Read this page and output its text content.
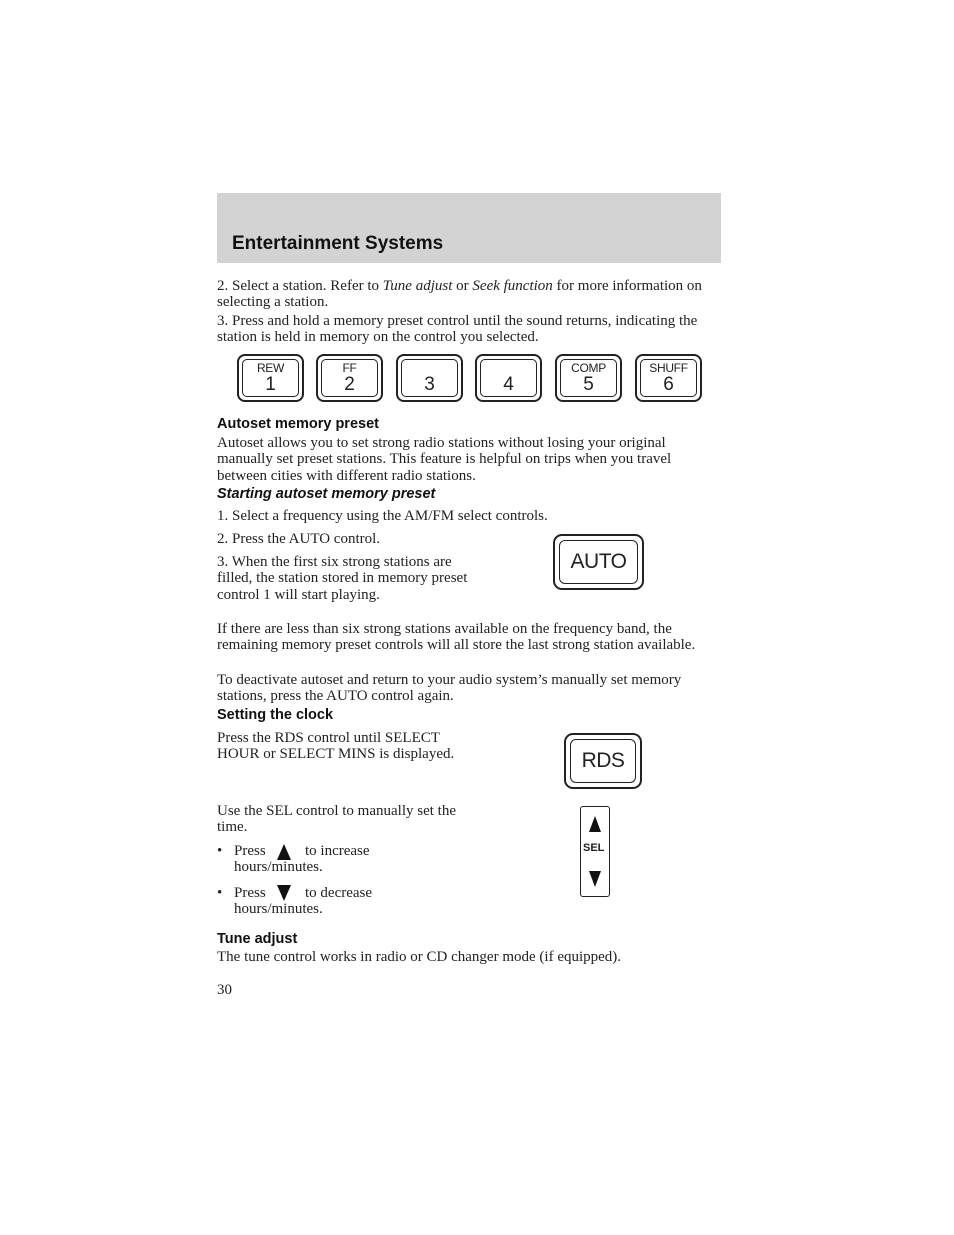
Entertainment Systems
2. Select a station. Refer to Tune adjust or Seek function for more information on selecting a station.
3. Press and hold a memory preset control until the sound returns, indicating the station is held in memory on the control you selected.
REW
1
FF
2	3	4
COMP
5
SHUFF
6
Autoset memory preset
Autoset allows you to set strong radio stations without losing your original manually set preset stations. This feature is helpful on trips when you travel between cities with different radio stations.
Starting autoset memory preset
1. Select a frequency using the AM/FM select controls.
2. Press the AUTO control.
3. When the first six strong stations are filled, the station stored in memory preset control 1 will start playing.
AUTO
If there are less than six strong stations available on the frequency band, the remaining memory preset controls will all store the last strong station available.
To deactivate autoset and return to your audio system’s manually set memory stations, press the AUTO control again.
Setting the clock
Press the RDS control until SELECT HOUR or SELECT MINS is displayed.	RDS
Use the SEL control to manually set the time.
• Press	to increase hours/minutes.
• Press	to decrease hours/minutes.
SEL
Tune adjust
The tune control works in radio or CD changer mode (if equipped).
30
